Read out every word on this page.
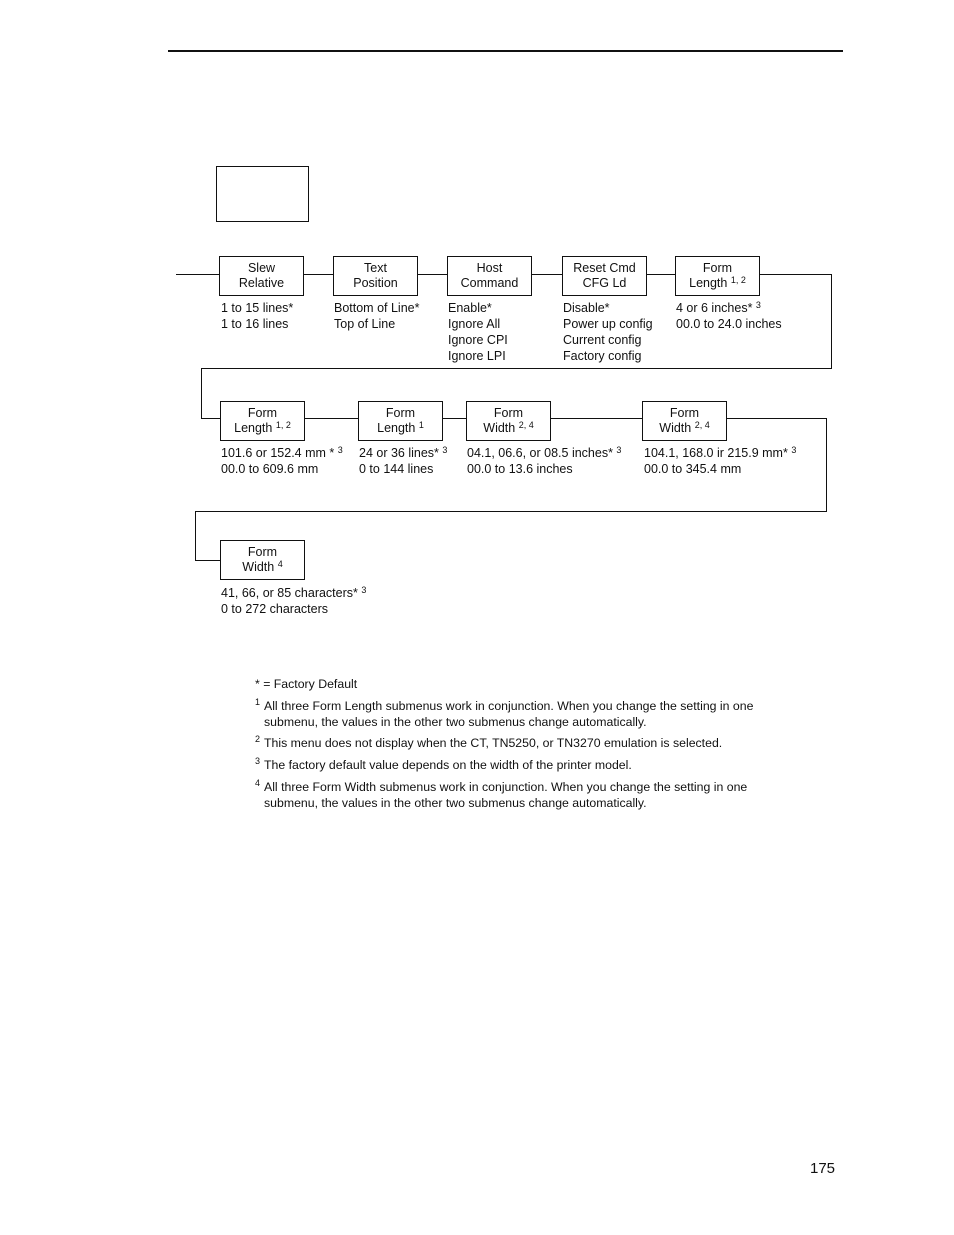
Slew
Relative
1 to 15 lines*
1 to 16 lines
Text
Position
Bottom of Line*
Top of Line
Host
Command
Enable*
Ignore All
Ignore CPI
Ignore LPI
Reset Cmd
CFG Ld
Disable*
Power up config
Current config
Factory config
Form
Length $^{1, 2}$
4 or 6 inches* $^3$
00.0 to 24.0 inches
Form
Length $^{1, 2}$
101.6 or 152.4 mm * $^3$
00.0 to 609.6 mm
Form
Length $^1$
24 or 36 lines* $^3$
0 to 144 lines
Form
Width $^{2, 4}$
04.1, 06.6, or 08.5 inches* $^3$
00.0 to 13.6 inches
Form
Width $^{2, 4}$
104.1, 168.0 ir 215.9 mm* $^3$
00.0 to 345.4 mm
Form
Width $^4$
41, 66, or 85 characters* $^3$
0 to 272 characters
* = Factory Default
1 All three Form Length submenus work in conjunction. When you change the setting in one submenu, the values in the other two submenus change automatically.
2 This menu does not display when the CT, TN5250, or TN3270 emulation is selected.
3 The factory default value depends on the width of the printer model.
4 All three Form Width submenus work in conjunction. When you change the setting in one submenu, the values in the other two submenus change automatically.
175
